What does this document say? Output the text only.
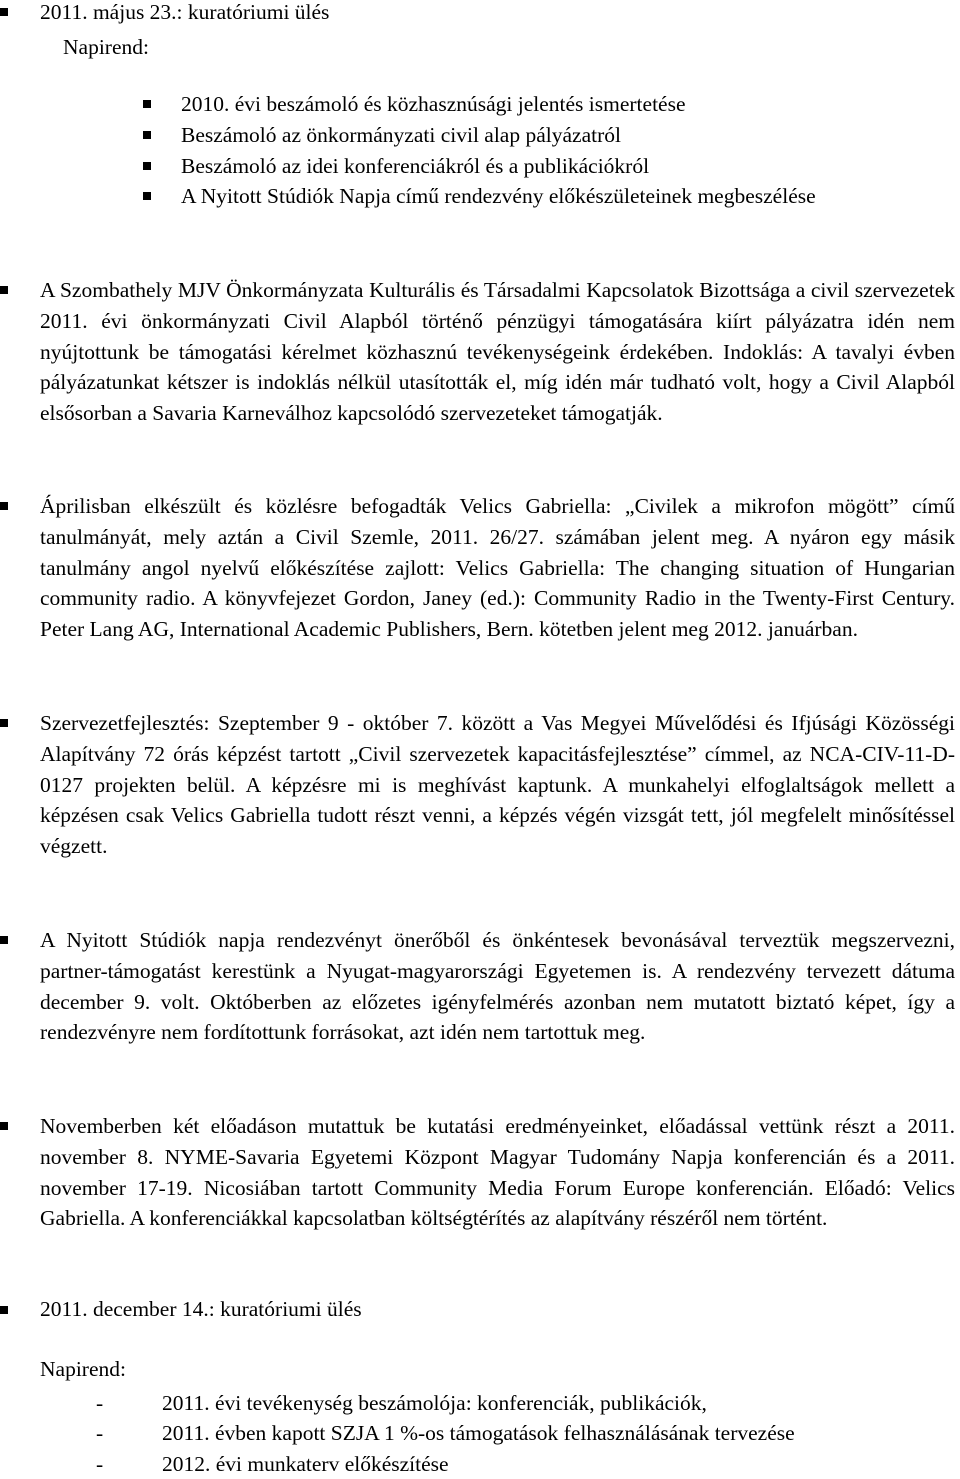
2011. május 23.: kuratóriumi ülés
Napirend:
2010. évi beszámoló és közhasznúsági jelentés ismertetése
Beszámoló az önkormányzati civil alap pályázatról
Beszámoló az idei konferenciákról és a publikációkról
A Nyitott Stúdiók Napja című rendezvény előkészületeinek megbeszélése
A Szombathely MJV Önkormányzata Kulturális és Társadalmi Kapcsolatok Bizottsága a civil szervezetek 2011. évi önkormányzati Civil Alapból történő pénzügyi támogatására kiírt pályázatra idén nem nyújtottunk be támogatási kérelmet közhasznú tevékenységeink érdekében. Indoklás: A tavalyi évben pályázatunkat kétszer is indoklás nélkül utasították el, míg idén már tudható volt, hogy a Civil Alapból elsősorban a Savaria Karneválhoz kapcsolódó szervezeteket támogatják.
Áprilisban elkészült és közlésre befogadták Velics Gabriella: „Civilek a mikrofon mögött” című tanulmányát, mely aztán a Civil Szemle, 2011. 26/27. számában jelent meg. A nyáron egy másik tanulmány angol nyelvű előkészítése zajlott: Velics Gabriella: The changing situation of Hungarian community radio. A könyvfejezet Gordon, Janey (ed.): Community Radio in the Twenty-First Century. Peter Lang AG, International Academic Publishers, Bern. kötetben jelent meg 2012. januárban.
Szervezetfejlesztés: Szeptember 9 - október 7. között a Vas Megyei Művelődési és Ifjúsági Közösségi Alapítvány 72 órás képzést tartott „Civil szervezetek kapacitásfejlesztése” címmel, az NCA-CIV-11-D-0127 projekten belül. A képzésre mi is meghívást kaptunk. A munkahelyi elfoglaltságok mellett a képzésen csak Velics Gabriella tudott részt venni, a képzés végén vizsgát tett, jól megfelelt minősítéssel végzett.
A Nyitott Stúdiók napja rendezvényt önerőből és önkéntesek bevonásával terveztük megszervezni, partner-támogatást kerestünk a Nyugat-magyarországi Egyetemen is. A rendezvény tervezett dátuma december 9. volt. Októberben az előzetes igényfelmérés azonban nem mutatott biztató képet, így a rendezvényre nem fordítottunk forrásokat, azt idén nem tartottuk meg.
Novemberben két előadáson mutattuk be kutatási eredményeinket, előadással vettünk részt a 2011. november 8. NYME-Savaria Egyetemi Központ Magyar Tudomány Napja konferencián és a 2011. november 17-19. Nicosiában tartott Community Media Forum Europe konferencián. Előadó: Velics Gabriella. A konferenciákkal kapcsolatban költségtérítés az alapítvány részéről nem történt.
2011. december 14.: kuratóriumi ülés
Napirend:
-	2011. évi tevékenység beszámolója: konferenciák, publikációk,
-	2011. évben kapott SZJA 1 %-os támogatások felhasználásának tervezése
-	2012. évi munkaterv előkészítése
